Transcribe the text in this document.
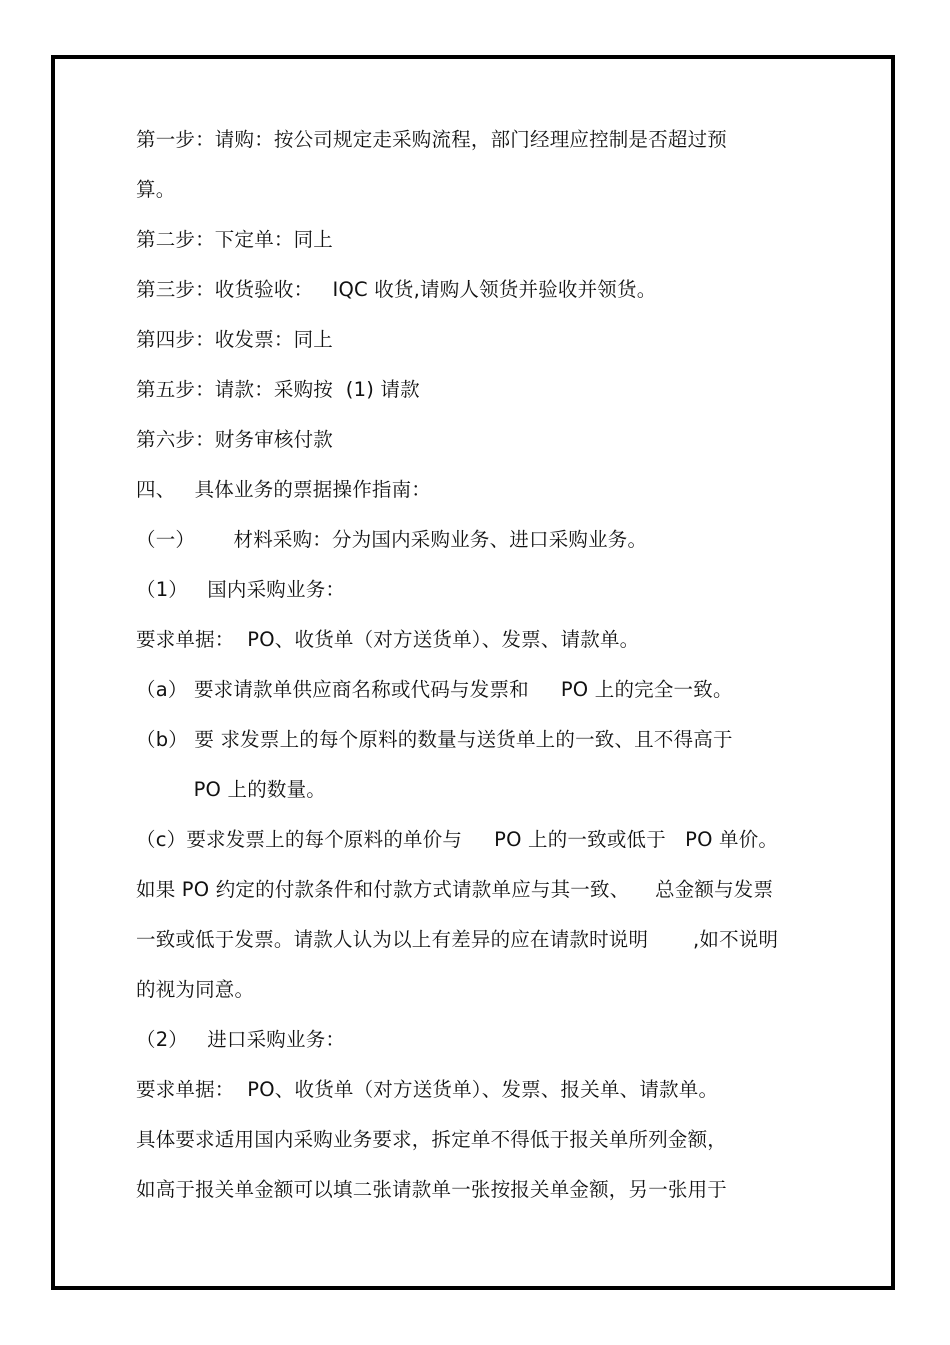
第一步：请购：按公司规定走采购流程，部门经理应控制是否超过预
算。
第二步：下定单：同上
第三步：收货验收：   IQC 收货,请购人领货并验收并领货。
第四步：收发票：同上
第五步：请款：采购按  (1) 请款
第六步：财务审核付款
四、   具体业务的票据操作指南：
（一）      材料采购：分为国内采购业务、进口采购业务。
（1）   国内采购业务：
要求单据：  PO、收货单（对方送货单）、发票、请款单。
（a） 要求请款单供应商名称或代码与发票和     PO 上的完全一致。
（b） 要 求发票上的每个原料的数量与送货单上的一致、且不得高于
PO 上的数量。
（c）要求发票上的每个原料的单价与     PO 上的一致或低于   PO 单价。
如果 PO 约定的付款条件和付款方式请款单应与其一致、    总金额与发票
一致或低于发票。请款人认为以上有差异的应在请款时说明       ,如不说明
的视为同意。
（2）   进口采购业务：
要求单据：  PO、收货单（对方送货单）、发票、报关单、请款单。
具体要求适用国内采购业务要求，拆定单不得低于报关单所列金额，
如高于报关单金额可以填二张请款单一张按报关单金额，另一张用于
